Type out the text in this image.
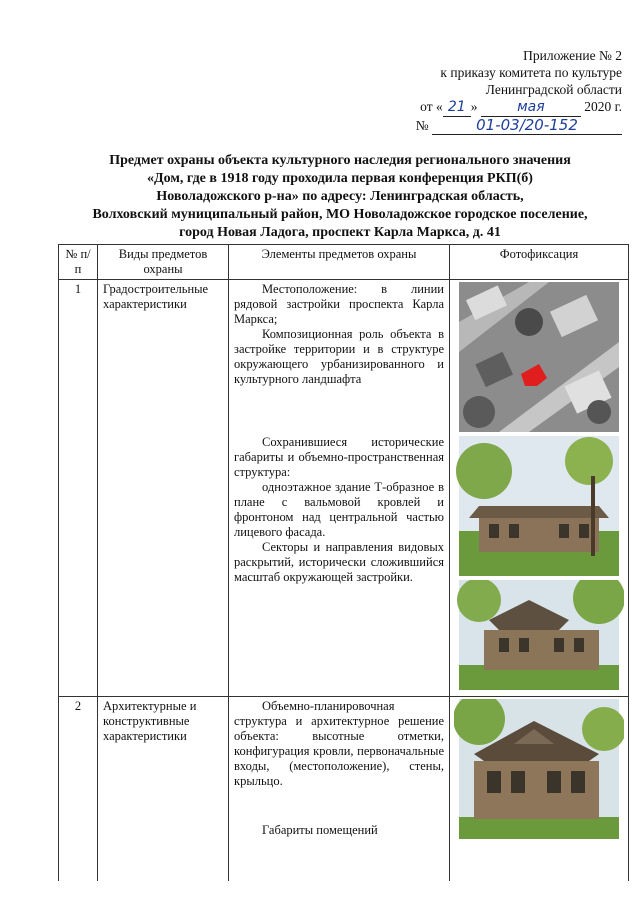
Приложение № 2
к приказу комитета по культуре
Ленинградской области
от « 21 »	мая	2020 г.
№	01-03/20-152
Предмет охраны объекта культурного наследия регионального значения
«Дом, где в 1918 году проходила первая конференция РКП(б)
Новоладожского р-на» по адресу: Ленинградская область,
Волховский муниципальный район, МО Новоладожское городское поселение,
город Новая Ладога, проспект Карла Маркса, д. 41
№ п/п	Виды предметов охраны	Элементы предметов охраны	Фотофиксация
1	Градостроительные характеристики	Местоположение: в линии рядовой застройки проспекта Карла Маркса;

Композиционная роль объекта в застройке территории и в структуре окружающего урбанизированного и культурного ландшафта

Сохранившиеся исторические габариты и объемно-пространственная структура:

одноэтажное здание Т-образное в плане с вальмовой кровлей и фронтоном над центральной частью лицевого фасада.

Секторы и направления видовых раскрытий, исторически сложившийся масштаб окружающей застройки.

2	Архитектурные и конструктивные характеристики	Объемно-планировочная структура и архитектурное решение объекта: высотные отметки, конфигурация кровли, первоначальные входы, (местоположение), стены, крыльцо.

Габариты помещений
